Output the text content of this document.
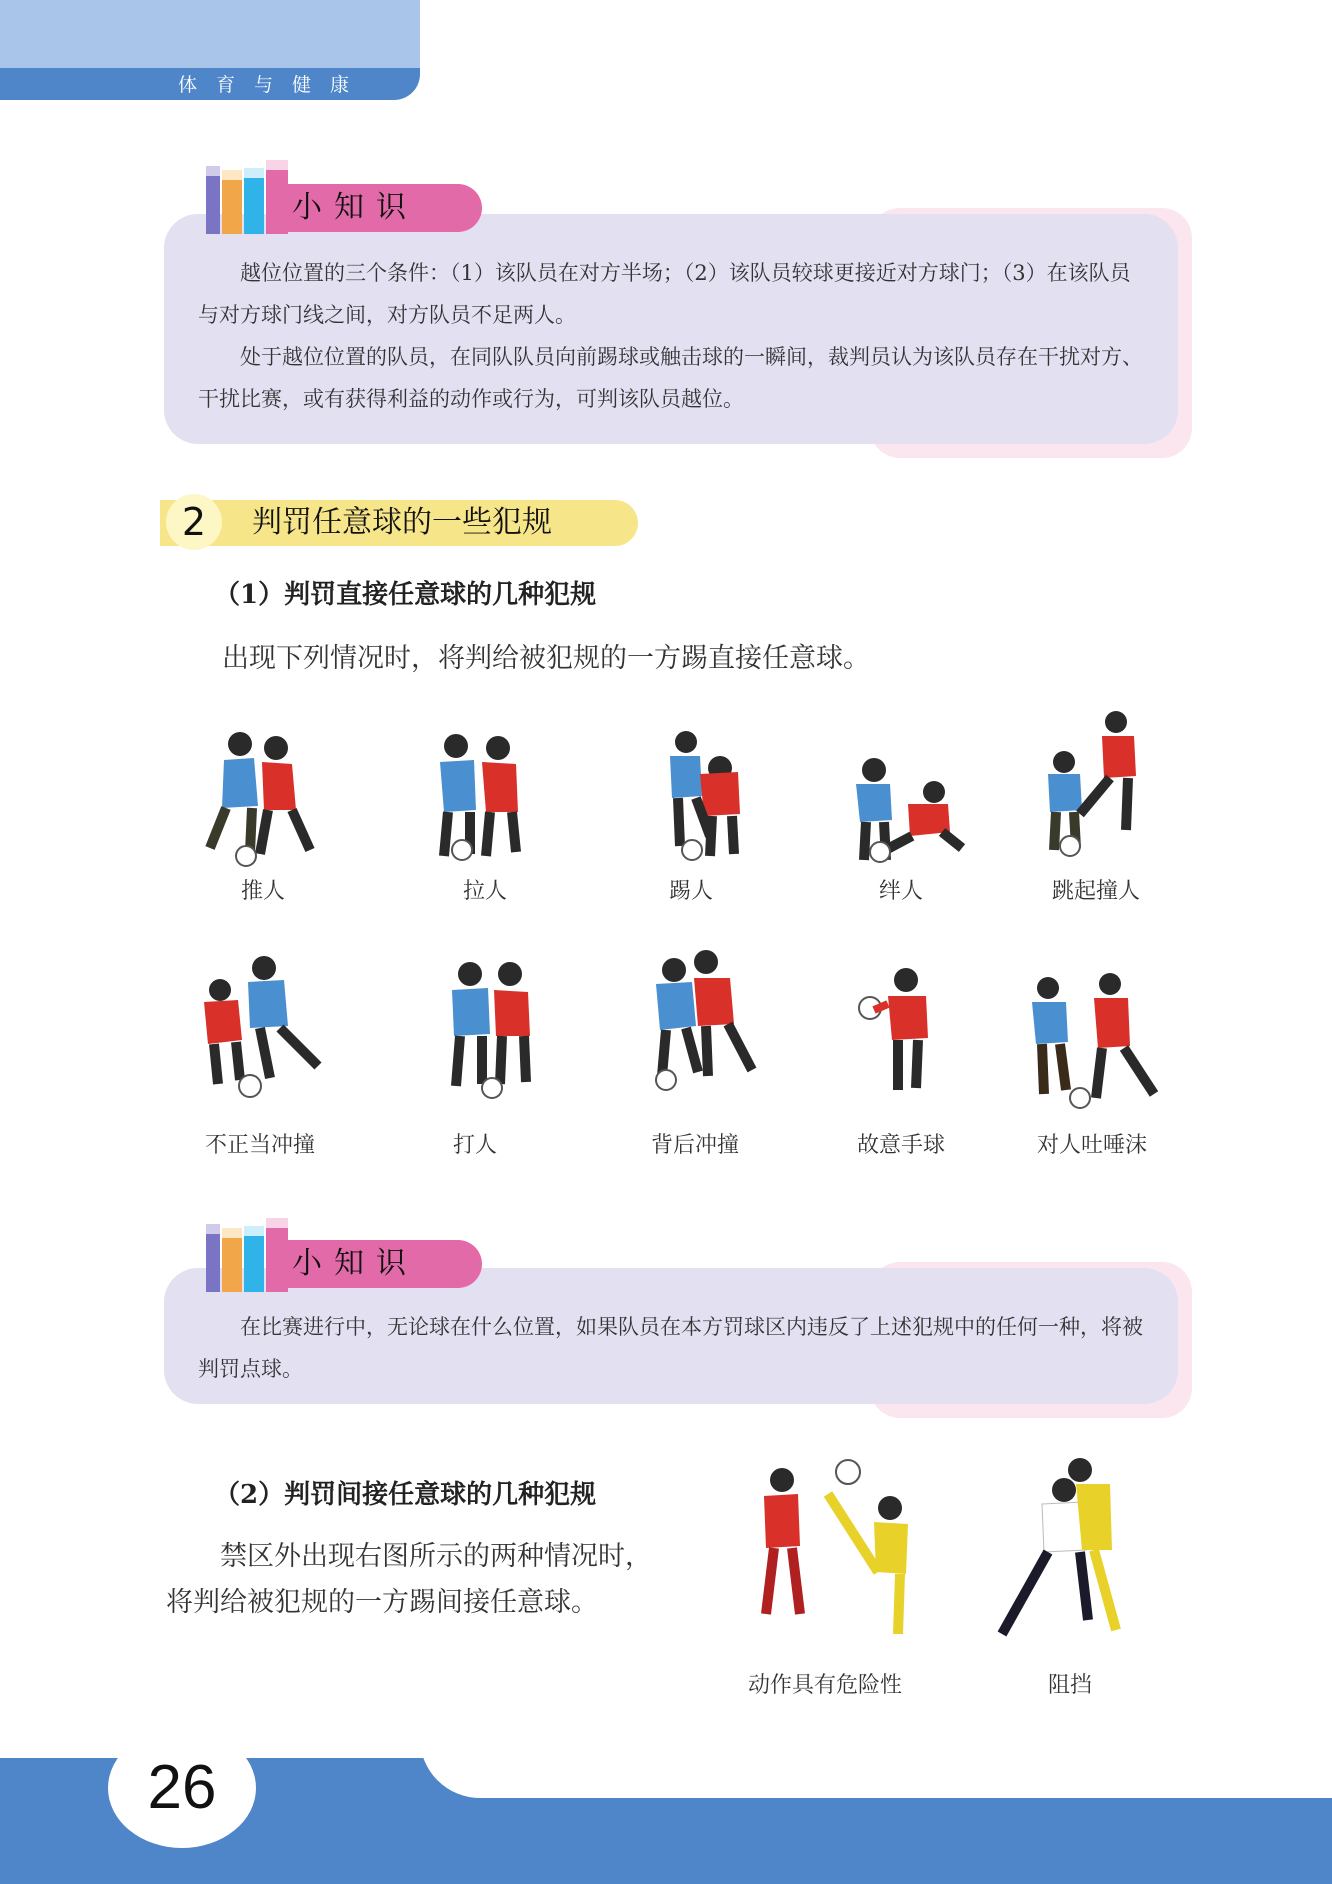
体育与健康
小知识

越位位置的三个条件：（1）该队员在对方半场；（2）该队员较球更接近对方球门；（3）在该队员与对方球门线之间，对方队员不足两人。

处于越位位置的队员，在同队队员向前踢球或触击球的一瞬间，裁判员认为该队员存在干扰对方、干扰比赛，或有获得利益的动作或行为，可判该队员越位。

2	判罚任意球的一些犯规
（1）判罚直接任意球的几种犯规
出现下列情况时，将判给被犯规的一方踢直接任意球。
推人	拉人	踢人	绊人	跳起撞人
不正当冲撞	打人	背后冲撞	故意手球	对人吐唾沫
小知识

在比赛进行中，无论球在什么位置，如果队员在本方罚球区内违反了上述犯规中的任何一种，将被判罚点球。

（2）判罚间接任意球的几种犯规
禁区外出现右图所示的两种情况时，将判给被犯规的一方踢间接任意球。
动作具有危险性	阻挡
26
